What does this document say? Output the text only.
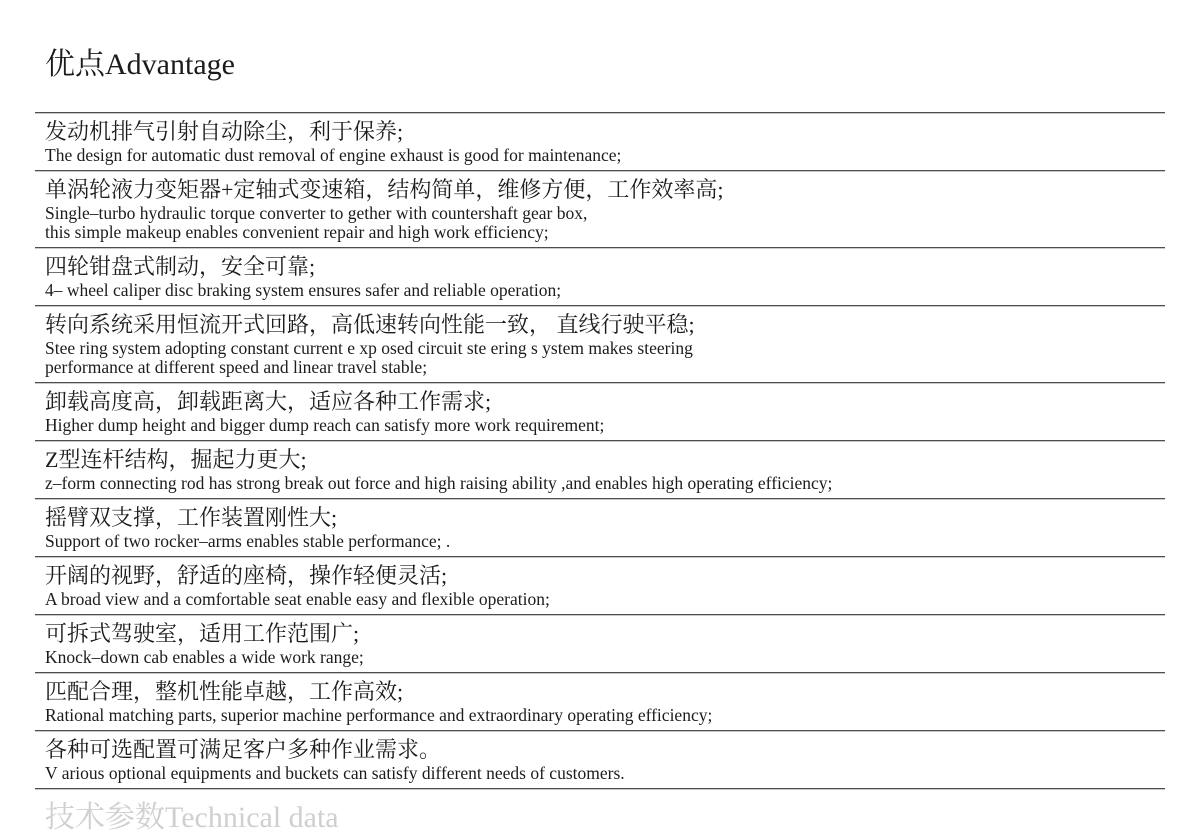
优点Advantage
发动机排气引射自动除尘，利于保养;
The design for automatic dust removal of engine exhaust is good for maintenance;
单涡轮液力变矩器+定轴式变速箱，结构简单，维修方便，工作效率高;
Single–turbo hydraulic torque converter to gether with countershaft gear box,
this simple makeup enables convenient repair and high work efficiency;
四轮钳盘式制动，安全可靠;
4– wheel caliper disc braking system ensures safer and reliable operation;
转向系统采用恒流开式回路，高低速转向性能一致， 直线行驶平稳;
Stee ring system adopting constant current e xp osed circuit ste ering s ystem makes steering
performance at different speed and linear travel stable;
卸载高度高，卸载距离大，适应各种工作需求;
Higher dump height and bigger dump reach can satisfy more work requirement;
Z型连杆结构，掘起力更大;
z–form connecting rod has strong break out force and high raising ability ,and enables high operating efficiency;
摇臂双支撑，工作装置刚性大;
Support of two rocker–arms enables stable performance; .
开阔的视野，舒适的座椅，操作轻便灵活;
A broad view and a comfortable seat enable easy and flexible operation;
可拆式驾驶室，适用工作范围广;
Knock–down cab enables a wide work range;
匹配合理，整机性能卓越，工作高效;
Rational matching parts, superior machine performance and extraordinary operating efficiency;
各种可选配置可满足客户多种作业需求。
V arious optional equipments and buckets can satisfy different needs of customers.
技术参数Technical data
